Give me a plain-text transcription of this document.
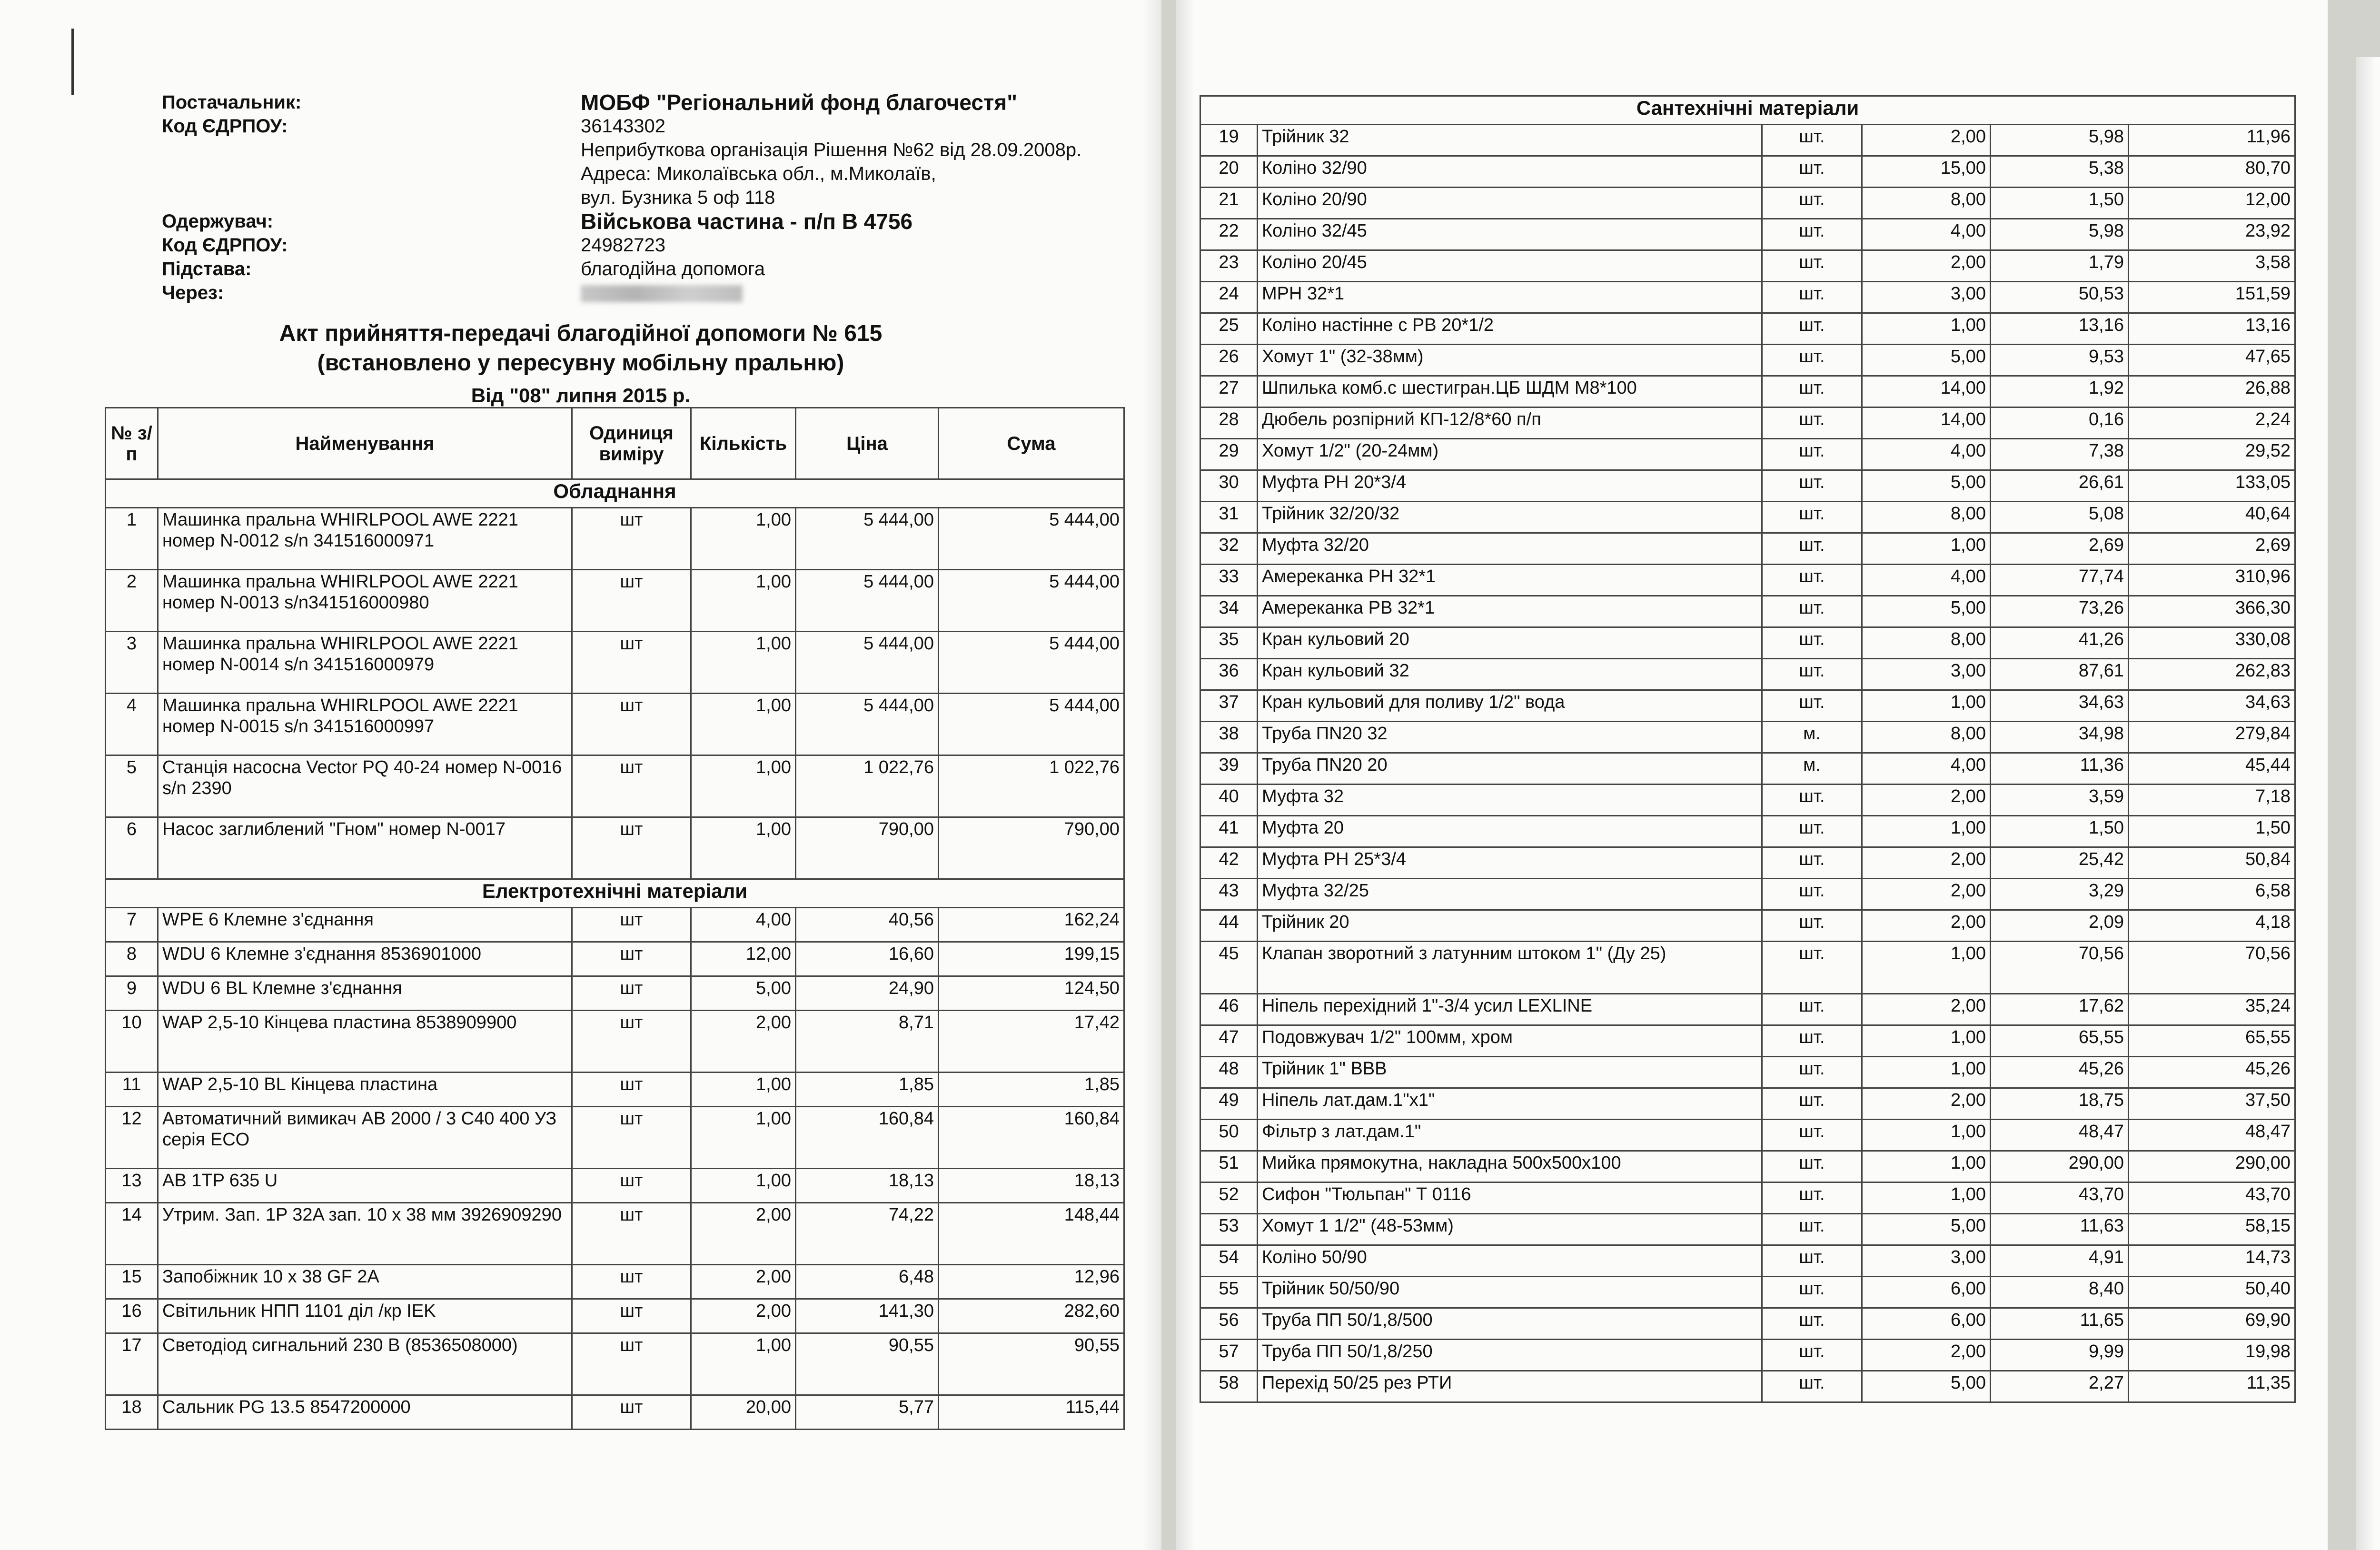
Постачальник:	МОБФ "Регіональний фонд благочестя"
Код ЄДРПОУ:	36143302
Неприбуткова організація Рішення №62 від 28.09.2008р.
Адреса: Миколаївська обл., м.Миколаїв,
вул. Бузника 5 оф 118
Одержувач:	Військова частина - п/п В 4756
Код ЄДРПОУ:	24982723
Підстава:	благодійна допомога
Через:
Акт прийняття-передачі благодійної допомоги № 615
(встановлено у пересувну мобільну пральню)
Від "08" липня 2015 р.
№ з/п	Найменування	Одиниця виміру	Кількість	Ціна	Сума
Обладнання					
1	Машинка пральна WHIRLPOOL AWE 2221 номер N-0012 s/n 341516000971	шт	1,00	5 444,00	5 444,00
2	Машинка пральна WHIRLPOOL AWE 2221 номер N-0013 s/n341516000980	шт	1,00	5 444,00	5 444,00
3	Машинка пральна WHIRLPOOL AWE 2221 номер N-0014 s/n 341516000979	шт	1,00	5 444,00	5 444,00
4	Машинка пральна WHIRLPOOL AWE 2221 номер N-0015 s/n 341516000997	шт	1,00	5 444,00	5 444,00
5	Станція насосна Vector PQ 40-24 номер N-0016 s/n 2390	шт	1,00	1 022,76	1 022,76
6	Насос заглиблений "Гном" номер N-0017	шт	1,00	790,00	790,00
Електротехнічні матеріали					
7	WPE 6 Клемне з'єднання	шт	4,00	40,56	162,24
8	WDU 6 Клемне з'єднання 8536901000	шт	12,00	16,60	199,15
9	WDU 6 BL Клемне з'єднання	шт	5,00	24,90	124,50
10	WAP 2,5-10 Кінцева пластина 8538909900	шт	2,00	8,71	17,42
11	WAP 2,5-10 BL Кінцева пластина	шт	1,00	1,85	1,85
12	Автоматичний вимикач АВ 2000 / 3 С40 400 УЗ серія ECO	шт	1,00	160,84	160,84
13	AB 1TP 635 U	шт	1,00	18,13	18,13
14	Утрим. Зап. 1P 32A зап. 10 x 38 мм 3926909290	шт	2,00	74,22	148,44
15	Запобіжник 10 x 38 GF 2A	шт	2,00	6,48	12,96
16	Світильник НПП 1101 діл /кр IEK	шт	2,00	141,30	282,60
17	Светодіод сигнальний 230 В (8536508000)	шт	1,00	90,55	90,55
18	Сальник PG 13.5 8547200000	шт	20,00	5,77	115,44
Сантехнічні матеріали					
19	Трійник 32	шт.	2,00	5,98	11,96
20	Коліно 32/90	шт.	15,00	5,38	80,70
21	Коліно 20/90	шт.	8,00	1,50	12,00
22	Коліно 32/45	шт.	4,00	5,98	23,92
23	Коліно 20/45	шт.	2,00	1,79	3,58
24	МРН 32*1	шт.	3,00	50,53	151,59
25	Коліно настінне с РВ 20*1/2	шт.	1,00	13,16	13,16
26	Хомут 1" (32-38мм)	шт.	5,00	9,53	47,65
27	Шпилька комб.с шестигран.ЦБ ШДМ М8*100	шт.	14,00	1,92	26,88
28	Дюбель розпірний КП-12/8*60 п/п	шт.	14,00	0,16	2,24
29	Хомут 1/2" (20-24мм)	шт.	4,00	7,38	29,52
30	Муфта РН 20*3/4	шт.	5,00	26,61	133,05
31	Трійник 32/20/32	шт.	8,00	5,08	40,64
32	Муфта 32/20	шт.	1,00	2,69	2,69
33	Амереканка РН 32*1	шт.	4,00	77,74	310,96
34	Амереканка РВ 32*1	шт.	5,00	73,26	366,30
35	Кран кульовий 20	шт.	8,00	41,26	330,08
36	Кран кульовий 32	шт.	3,00	87,61	262,83
37	Кран кульовий для поливу 1/2" вода	шт.	1,00	34,63	34,63
38	Труба ПN20 32	м.	8,00	34,98	279,84
39	Труба ПN20 20	м.	4,00	11,36	45,44
40	Муфта 32	шт.	2,00	3,59	7,18
41	Муфта 20	шт.	1,00	1,50	1,50
42	Муфта РН 25*3/4	шт.	2,00	25,42	50,84
43	Муфта 32/25	шт.	2,00	3,29	6,58
44	Трійник 20	шт.	2,00	2,09	4,18
45	Клапан зворотний з латунним штоком 1" (Ду 25)	шт.	1,00	70,56	70,56
46	Ніпель перехідний 1"-3/4 усил LEXLINE	шт.	2,00	17,62	35,24
47	Подовжувач 1/2" 100мм, хром	шт.	1,00	65,55	65,55
48	Трійник 1" ВВВ	шт.	1,00	45,26	45,26
49	Ніпель лат.дам.1"х1"	шт.	2,00	18,75	37,50
50	Фільтр з лат.дам.1"	шт.	1,00	48,47	48,47
51	Мийка прямокутна, накладна 500х500х100	шт.	1,00	290,00	290,00
52	Сифон "Тюльпан" Т 0116	шт.	1,00	43,70	43,70
53	Хомут 1 1/2" (48-53мм)	шт.	5,00	11,63	58,15
54	Коліно 50/90	шт.	3,00	4,91	14,73
55	Трійник 50/50/90	шт.	6,00	8,40	50,40
56	Труба ПП 50/1,8/500	шт.	6,00	11,65	69,90
57	Труба ПП 50/1,8/250	шт.	2,00	9,99	19,98
58	Перехід 50/25 рез РТИ	шт.	5,00	2,27	11,35
